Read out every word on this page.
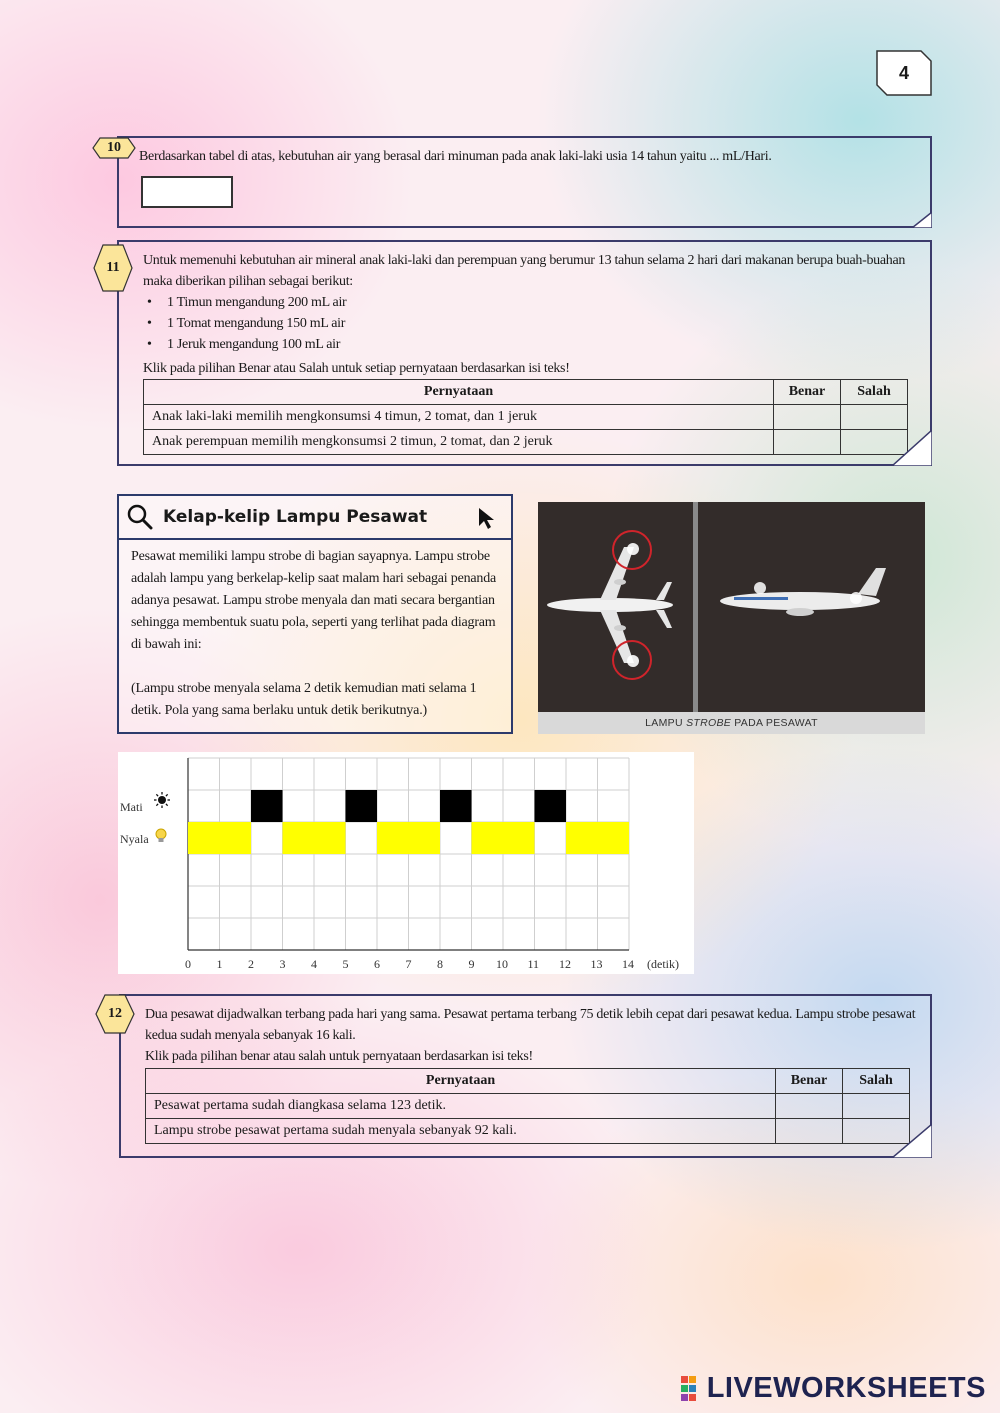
4
Berdasarkan tabel di atas, kebutuhan air yang berasal dari minuman pada anak laki-laki usia 14 tahun yaitu ... mL/Hari.
10
Untuk memenuhi kebutuhan air mineral anak laki-laki dan perempuan yang berumur 13 tahun selama 2 hari dari makanan berupa buah-buahan maka diberikan pilihan sebagai berikut:
• 1 Timun mengandung 200 mL air
• 1 Tomat mengandung 150 mL air
• 1 Jeruk mengandung 100 mL air
Klik pada pilihan Benar atau Salah untuk setiap pernyataan berdasarkan isi teks!
Pernyataan	Benar	Salah
Anak laki-laki memilih mengkonsumsi 4 timun, 2 tomat, dan 1 jeruk		
Anak perempuan memilih mengkonsumsi 2 timun, 2 tomat, dan 2 jeruk		
11
Kelap-kelip Lampu Pesawat
Pesawat memiliki lampu strobe di bagian sayapnya. Lampu strobe adalah lampu yang berkelap-kelip saat malam hari sebagai penanda adanya pesawat. Lampu strobe menyala dan mati secara bergantian sehingga membentuk suatu pola, seperti yang terlihat pada diagram di bawah ini:
(Lampu strobe menyala selama 2 detik kemudian mati selama 1 detik. Pola yang sama berlaku untuk detik berikutnya.)
LAMPU
STROBE
PADA PESAWAT
0 1 2 3 4 5 6 7 8 9 10 11 12 13 14 (detik)
Mati
Nyala
Dua pesawat dijadwalkan terbang pada hari yang sama. Pesawat pertama terbang 75 detik lebih cepat dari pesawat kedua. Lampu strobe pesawat kedua sudah menyala sebanyak 16 kali.
Klik pada pilihan benar atau salah untuk pernyataan berdasarkan isi teks!
Pernyataan	Benar	Salah
Pesawat pertama sudah diangkasa selama 123 detik.		
Lampu strobe pesawat pertama sudah menyala sebanyak 92 kali.		
12
LIVEWORKSHEETS
